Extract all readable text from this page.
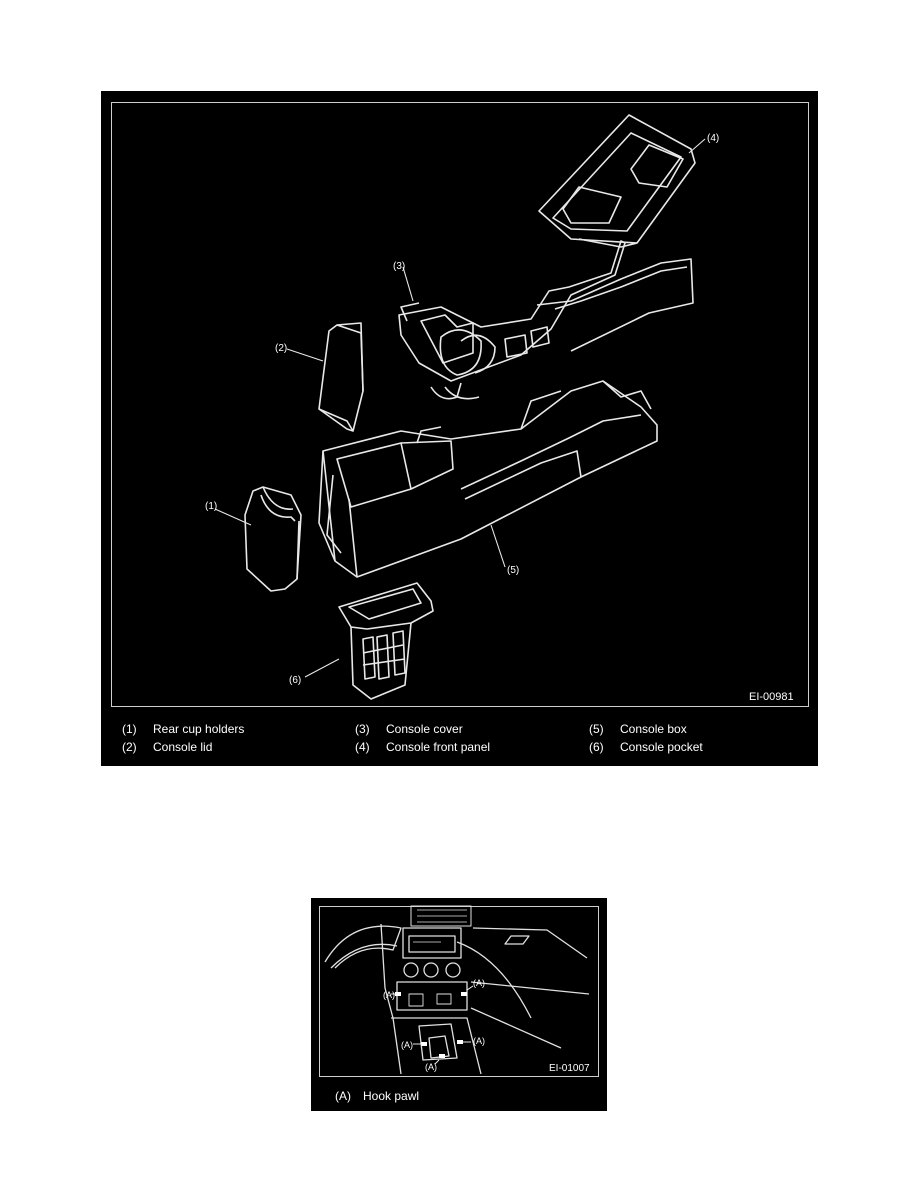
(4)
(3)
(2)
(1)
(5)
(6)
EI-00981
(1) Rear cup holders
(2) Console lid
(3) Console cover
(4) Console front panel
(5) Console box
(6) Console pocket
(A)
(A)
(A)	(A)
(A)	EI-01007
(A) Hook pawl
